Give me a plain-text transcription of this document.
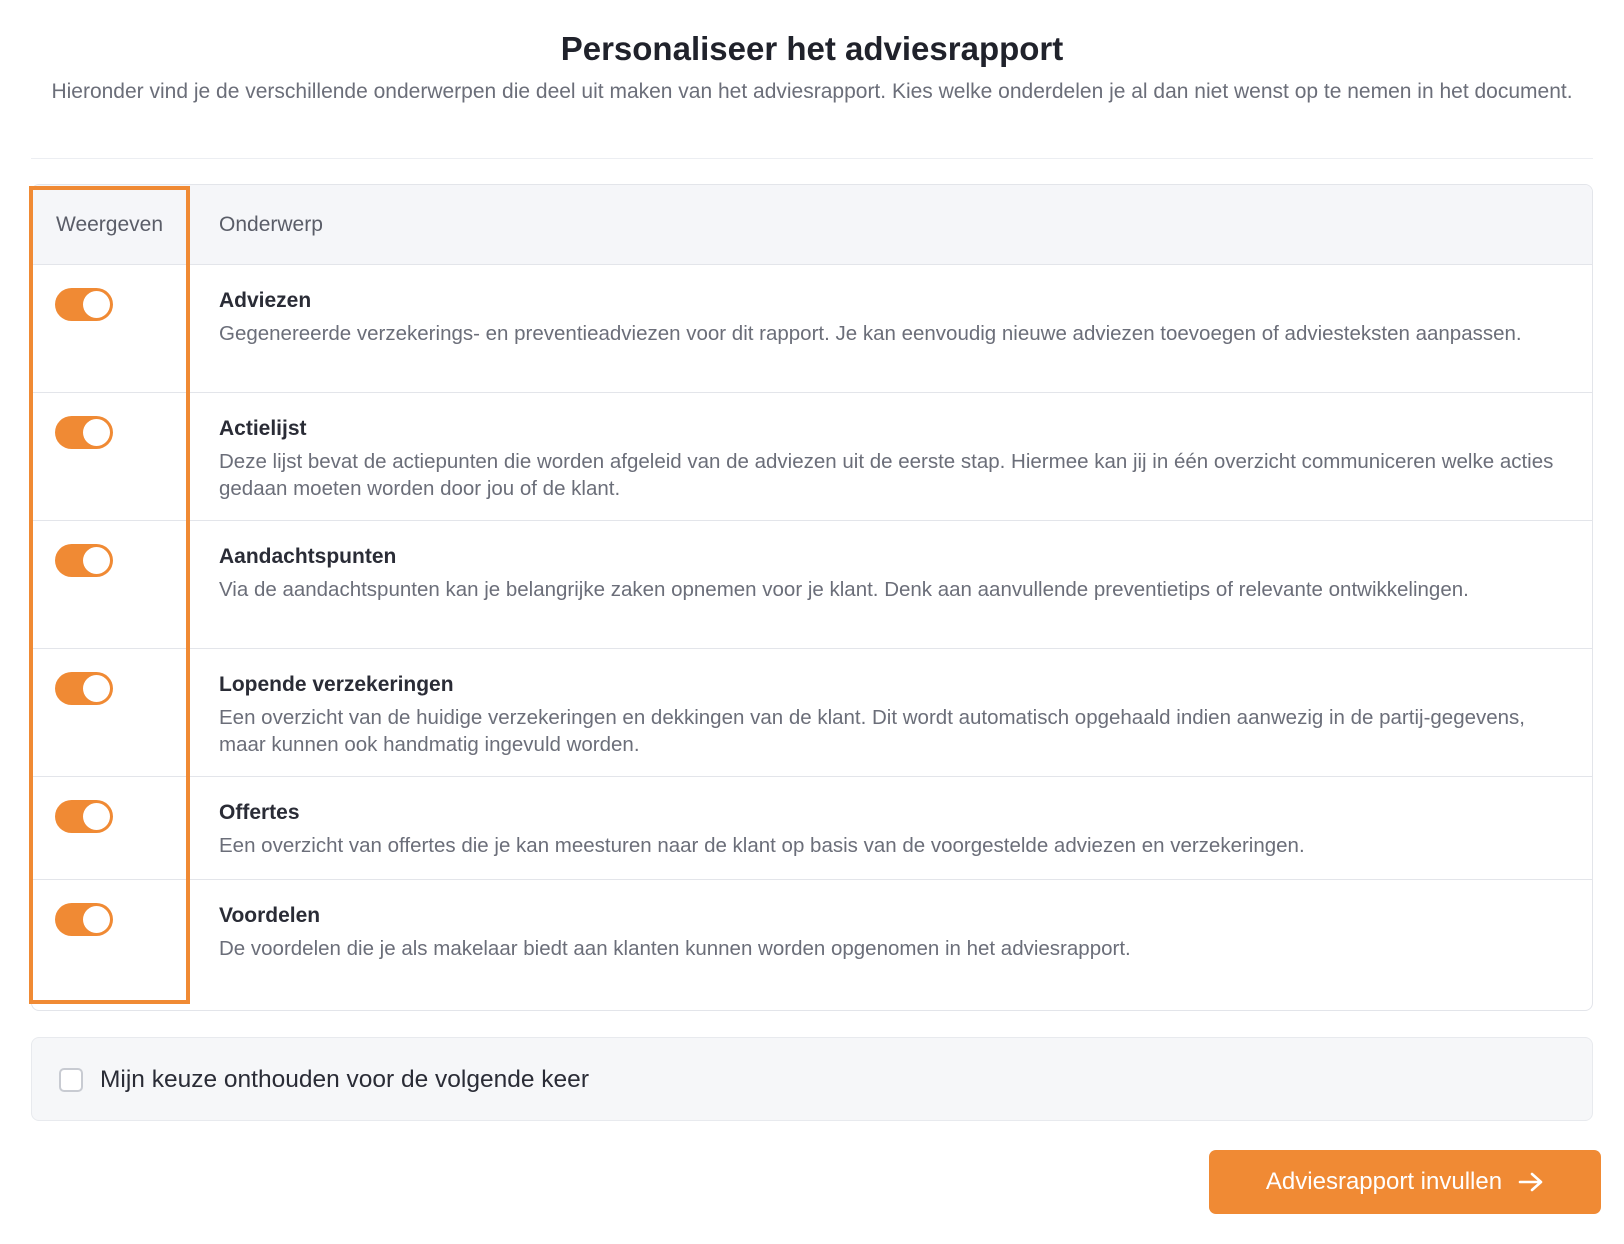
Personaliseer het adviesrapport
Hieronder vind je de verschillende onderwerpen die deel uit maken van het adviesrapport. Kies welke onderdelen je al dan niet wenst op te nemen in het document.
Weergeven	Onderwerp
Adviezen
Gegenereerde verzekerings- en preventieadviezen voor dit rapport. Je kan eenvoudig nieuwe adviezen toevoegen of adviesteksten aanpassen.
Actielijst
Deze lijst bevat de actiepunten die worden afgeleid van de adviezen uit de eerste stap. Hiermee kan jij in één overzicht communiceren welke acties gedaan moeten worden door jou of de klant.
Aandachtspunten
Via de aandachtspunten kan je belangrijke zaken opnemen voor je klant. Denk aan aanvullende preventietips of relevante ontwikkelingen.
Lopende verzekeringen
Een overzicht van de huidige verzekeringen en dekkingen van de klant. Dit wordt automatisch opgehaald indien aanwezig in de partij-gegevens, maar kunnen ook handmatig ingevuld worden.
Offertes
Een overzicht van offertes die je kan meesturen naar de klant op basis van de voorgestelde adviezen en verzekeringen.
Voordelen
De voordelen die je als makelaar biedt aan klanten kunnen worden opgenomen in het adviesrapport.
Mijn keuze onthouden voor de volgende keer
Adviesrapport invullen
